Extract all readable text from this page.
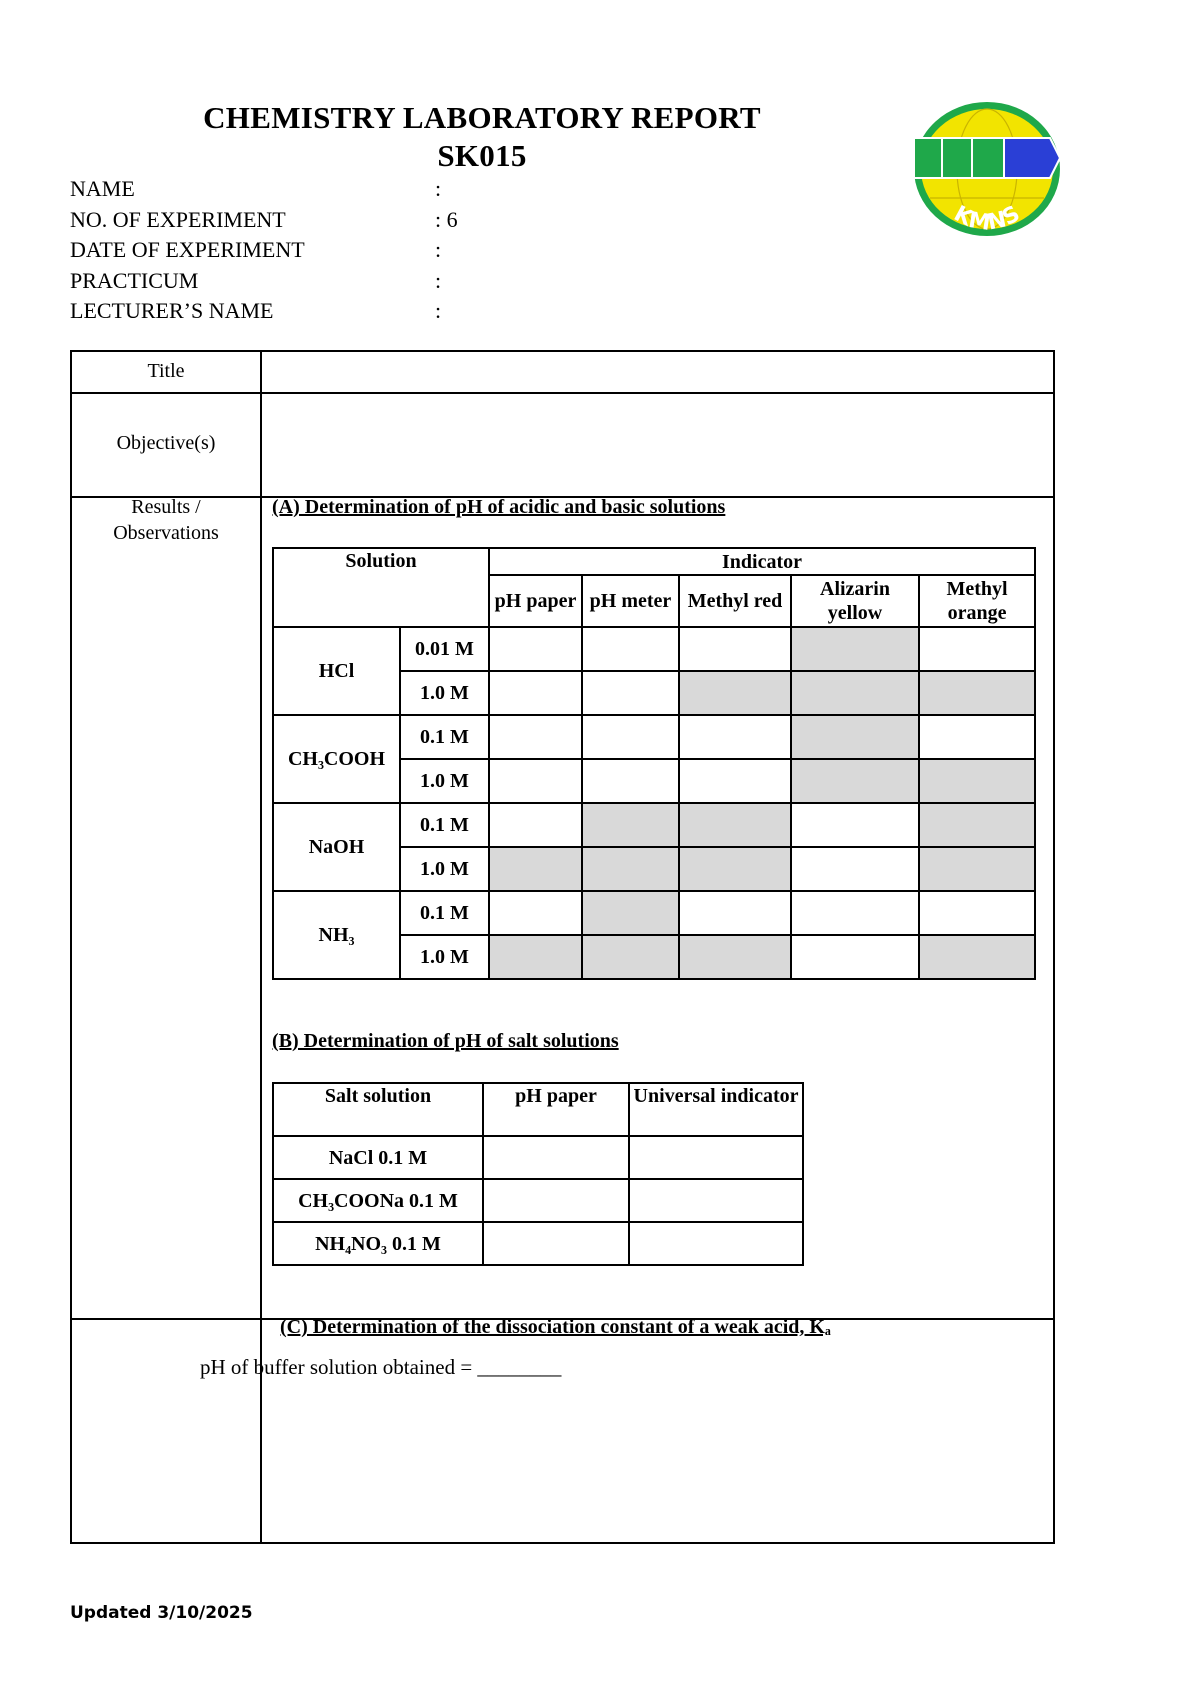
CHEMISTRY LABORATORY REPORT
SK015
KMNS
NAME	:
NO. OF EXPERIMENT	: 6
DATE OF EXPERIMENT	:
PRACTICUM	:
LECTURER’S NAME	:
Title
Objective(s)
Results /
Observations
(A) Determination of pH of acidic and basic solutions
Solution		Indicator				
		pH paper	pH meter	Methyl red	Alizarin yellow	Methyl orange
HCl	0.01 M					
	1.0 M					
CH₃COOH	0.1 M					
	1.0 M					
NaOH	0.1 M					
	1.0 M					
NH₃	0.1 M					
	1.0 M					
(B) Determination of pH of salt solutions
Salt solution	pH paper	Universal indicator
NaCl 0.1 M		
CH₃COONa 0.1 M		
NH₄NO₃ 0.1 M		
(C) Determination of the dissociation constant of a weak acid, Kₐ
pH of buffer solution obtained = ________
Updated 3/10/2025
